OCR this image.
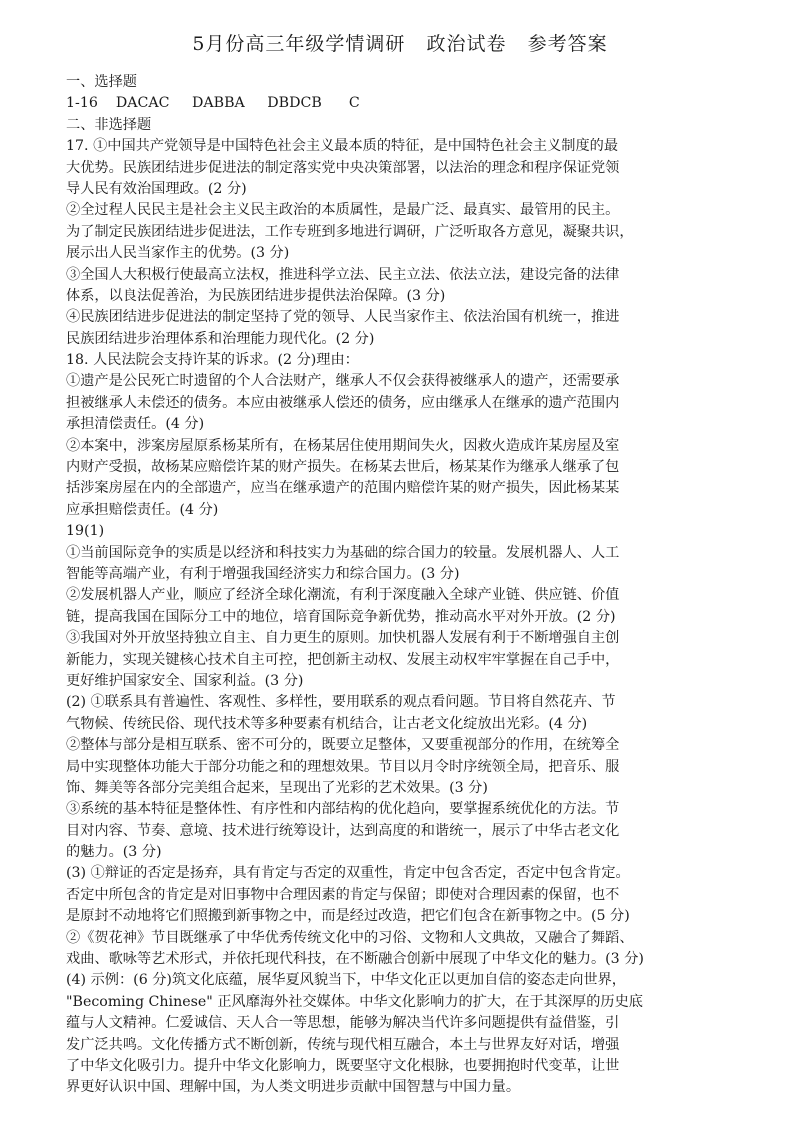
5月份高三年级学情调研   政治试卷   参考答案
一、选择题
1-16    DACAC     DABBA     DBDCB      C
二、非选择题
17. ①中国共产党领导是中国特色社会主义最本质的特征，是中国特色社会主义制度的最
大优势。民族团结进步促进法的制定落实党中央决策部署，以法治的理念和程序保证党领
导人民有效治国理政。(2 分)
②全过程人民民主是社会主义民主政治的本质属性，是最广泛、最真实、最管用的民主。
为了制定民族团结进步促进法，工作专班到多地进行调研，广泛听取各方意见，凝聚共识，
展示出人民当家作主的优势。(3 分)
③全国人大积极行使最高立法权，推进科学立法、民主立法、依法立法，建设完备的法律
体系，以良法促善治，为民族团结进步提供法治保障。(3 分)
④民族团结进步促进法的制定坚持了党的领导、人民当家作主、依法治国有机统一，推进
民族团结进步治理体系和治理能力现代化。(2 分)
18. 人民法院会支持许某的诉求。(2 分)理由：
①遗产是公民死亡时遗留的个人合法财产，继承人不仅会获得被继承人的遗产，还需要承
担被继承人未偿还的债务。本应由被继承人偿还的债务，应由继承人在继承的遗产范围内
承担清偿责任。(4 分)
②本案中，涉案房屋原系杨某所有，在杨某居住使用期间失火，因救火造成许某房屋及室
内财产受损，故杨某应赔偿许某的财产损失。在杨某去世后，杨某某作为继承人继承了包
括涉案房屋在内的全部遗产，应当在继承遗产的范围内赔偿许某的财产损失，因此杨某某
应承担赔偿责任。(4 分)
19(1)
①当前国际竞争的实质是以经济和科技实力为基础的综合国力的较量。发展机器人、人工
智能等高端产业，有利于增强我国经济实力和综合国力。(3 分)
②发展机器人产业，顺应了经济全球化潮流，有利于深度融入全球产业链、供应链、价值
链，提高我国在国际分工中的地位，培育国际竞争新优势，推动高水平对外开放。(2 分)
③我国对外开放坚持独立自主、自力更生的原则。加快机器人发展有利于不断增强自主创
新能力，实现关键核心技术自主可控，把创新主动权、发展主动权牢牢掌握在自己手中，
更好维护国家安全、国家利益。(3 分)
(2) ①联系具有普遍性、客观性、多样性，要用联系的观点看问题。节目将自然花卉、节
气物候、传统民俗、现代技术等多种要素有机结合，让古老文化绽放出光彩。(4 分)
②整体与部分是相互联系、密不可分的，既要立足整体，又要重视部分的作用，在统筹全
局中实现整体功能大于部分功能之和的理想效果。节目以月令时序统领全局，把音乐、服
饰、舞美等各部分完美组合起来，呈现出了光彩的艺术效果。(3 分)
③系统的基本特征是整体性、有序性和内部结构的优化趋向，要掌握系统优化的方法。节
目对内容、节奏、意境、技术进行统筹设计，达到高度的和谐统一，展示了中华古老文化
的魅力。(3 分)
(3) ①辩证的否定是扬弃，具有肯定与否定的双重性，肯定中包含否定，否定中包含肯定。
否定中所包含的肯定是对旧事物中合理因素的肯定与保留；即使对合理因素的保留，也不
是原封不动地将它们照搬到新事物之中，而是经过改造，把它们包含在新事物之中。(5 分)
②《贺花神》节目既继承了中华优秀传统文化中的习俗、文物和人文典故，又融合了舞蹈、
戏曲、歌咏等艺术形式，并依托现代科技，在不断融合创新中展现了中华文化的魅力。(3 分)
(4) 示例：(6 分)筑文化底蕴，展华夏风貌当下，中华文化正以更加自信的姿态走向世界，
"Becoming Chinese" 正风靡海外社交媒体。中华文化影响力的扩大，在于其深厚的历史底
蕴与人文精神。仁爱诚信、天人合一等思想，能够为解决当代许多问题提供有益借鉴，引
发广泛共鸣。文化传播方式不断创新，传统与现代相互融合，本土与世界友好对话，增强
了中华文化吸引力。提升中华文化影响力，既要坚守文化根脉，也要拥抱时代变革，让世
界更好认识中国、理解中国，为人类文明进步贡献中国智慧与中国力量。
